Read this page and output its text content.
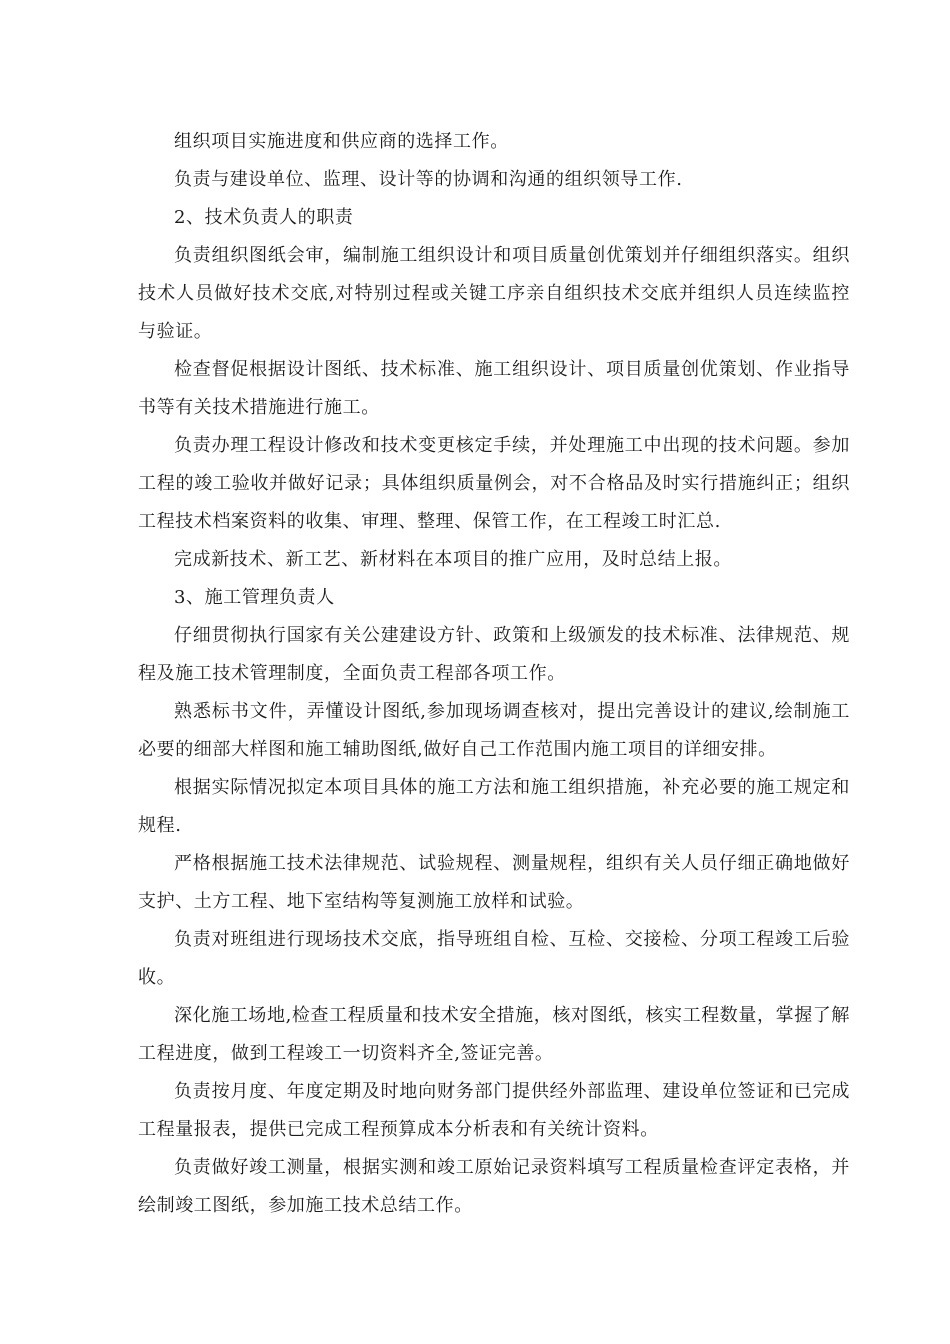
组织项目实施进度和供应商的选择工作。

负责与建设单位、监理、设计等的协调和沟通的组织领导工作.

2、技术负责人的职责

负责组织图纸会审，编制施工组织设计和项目质量创优策划并仔细组织落实。组织技术人员做好技术交底,对特别过程或关键工序亲自组织技术交底并组织人员连续监控与验证。

检查督促根据设计图纸、技术标准、施工组织设计、项目质量创优策划、作业指导书等有关技术措施进行施工。

负责办理工程设计修改和技术变更核定手续，并处理施工中出现的技术问题。参加工程的竣工验收并做好记录；具体组织质量例会，对不合格品及时实行措施纠正；组织工程技术档案资料的收集、审理、整理、保管工作，在工程竣工时汇总.

完成新技术、新工艺、新材料在本项目的推广应用，及时总结上报。

3、施工管理负责人

仔细贯彻执行国家有关公建建设方针、政策和上级颁发的技术标准、法律规范、规程及施工技术管理制度，全面负责工程部各项工作。

熟悉标书文件，弄懂设计图纸,参加现场调查核对，提出完善设计的建议,绘制施工必要的细部大样图和施工辅助图纸,做好自己工作范围内施工项目的详细安排。

根据实际情况拟定本项目具体的施工方法和施工组织措施，补充必要的施工规定和规程.

严格根据施工技术法律规范、试验规程、测量规程，组织有关人员仔细正确地做好支护、土方工程、地下室结构等复测施工放样和试验。

负责对班组进行现场技术交底，指导班组自检、互检、交接检、分项工程竣工后验收。

深化施工场地,检查工程质量和技术安全措施，核对图纸，核实工程数量，掌握了解工程进度，做到工程竣工一切资料齐全,签证完善。

负责按月度、年度定期及时地向财务部门提供经外部监理、建设单位签证和已完成工程量报表，提供已完成工程预算成本分析表和有关统计资料。

负责做好竣工测量，根据实测和竣工原始记录资料填写工程质量检查评定表格，并绘制竣工图纸，参加施工技术总结工作。
